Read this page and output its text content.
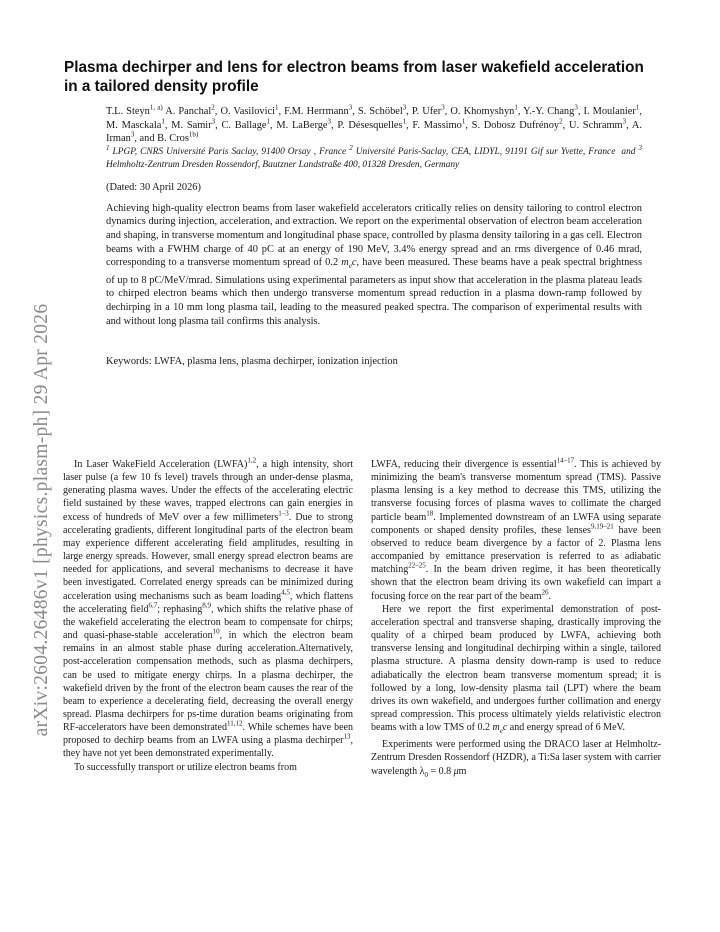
arXiv:2604.26486v1 [physics.plasm-ph] 29 Apr 2026
Plasma dechirper and lens for electron beams from laser wakefield acceleration in a tailored density profile
T.L. Steyn$^{1, a)}$ A. Panchal$^2$, O. Vasilovici$^1$, F.M. Herrmann$^3$, S. Schöbel$^3$, P. Ufer$^3$, O. Khomyshyn$^1$, Y.-Y. Chang$^3$, I. Moulanier$^1$, M. Masckala$^1$, M. Samir$^3$, C. Ballage$^1$, M. LaBerge$^3$, P. Désesquelles$^1$, F. Massimo$^1$, S. Dobosz Dufrénoy$^2$, U. Schramm$^3$, A. Irman$^3$, and B. Cros$^{1b)}$
$^1$ LPGP, CNRS Université Paris Saclay, 91400 Orsay , France $^2$ Université Paris-Saclay, CEA, LIDYL, 91191 Gif sur Yvette, France  and $^3$ Helmholtz-Zentrum Dresden Rossendorf, Bautzner Landstraße 400, 01328 Dresden, Germany
(Dated: 30 April 2026)
Achieving high-quality electron beams from laser wakefield accelerators critically relies on density tailoring to control electron dynamics during injection, acceleration, and extraction. We report on the experimental observation of electron beam acceleration and shaping, in transverse momentum and longitudinal phase space, controlled by plasma density tailoring in a gas cell. Electron beams with a FWHM charge of 40 pC at an energy of 190 MeV, 3.4% energy spread and an rms divergence of 0.46 mrad, corresponding to a transverse momentum spread of 0.2 $m_ec$, have been measured. These beams have a peak spectral brightness of up to 8 pC/MeV/mrad. Simulations using experimental parameters as input show that acceleration in the plasma plateau leads to chirped electron beams which then undergo transverse momentum spread reduction in a plasma down-ramp followed by dechirping in a 10 mm long plasma tail, leading to the measured peaked spectra. The comparison of experimental results with and without long plasma tail confirms this analysis.
Keywords: LWFA, plasma lens, plasma dechirper, ionization injection

In Laser WakeField Acceleration (LWFA)$^{1,2}$, a high intensity, short laser pulse (a few 10 fs level) travels through an under-dense plasma, generating plasma waves. Under the effects of the accelerating electric field sustained by these waves, trapped electrons can gain energies in excess of hundreds of MeV over a few millimeters$^{1-3}$. Due to strong accelerating gradients, different longitudinal parts of the electron beam may experience different accelerating field amplitudes, resulting in large energy spreads. However, small energy spread electron beams are needed for applications, and several mechanisms to decrease it have been investigated. Correlated energy spreads can be minimized during acceleration using mechanisms such as beam loading$^{4,5}$, which flattens the accelerating field$^{6,7}$; rephasing$^{8,9}$, which shifts the relative phase of the wakefield accelerating the electron beam to compensate for chirps; and quasi-phase-stable acceleration$^{10}$, in which the electron beam remains in an almost stable phase during acceleration.Alternatively, post-acceleration compensation methods, such as plasma dechirpers, can be used to mitigate energy chirps. In a plasma dechirper, the wakefield driven by the front of the electron beam causes the rear of the beam to experience a decelerating field, decreasing the overall energy spread. Plasma dechirpers for ps-time duration beams originating from RF-accelerators have been demonstrated$^{11,12}$. While schemes have been proposed to dechirp beams from an LWFA using a plasma dechirper$^{13}$, they have not yet been demonstrated experimentally.

To successfully transport or utilize electron beams from

LWFA, reducing their divergence is essential$^{14-17}$. This is achieved by minimizing the beam's transverse momentum spread (TMS). Passive plasma lensing is a key method to decrease this TMS, utilizing the transverse focusing forces of plasma waves to collimate the charged particle beam$^{18}$. Implemented downstream of an LWFA using separate components or shaped density profiles, these lenses$^{9,19-21}$ have been observed to reduce beam divergence by a factor of 2. Plasma lens accompanied by emittance preservation is referred to as adiabatic matching$^{22-25}$. In the beam driven regime, it has been theoretically shown that the electron beam driving its own wakefield can impart a focusing force on the rear part of the beam$^{26}$.

Here we report the first experimental demonstration of post-acceleration spectral and transverse shaping, drastically improving the quality of a chirped beam produced by LWFA, achieving both transverse lensing and longitudinal dechirping within a single, tailored plasma structure. A plasma density down-ramp is used to reduce adiabatically the electron beam transverse momentum spread; it is followed by a long, low-density plasma tail (LPT) where the beam drives its own wakefield, and undergoes further collimation and energy spread compression. This process ultimately yields relativistic electron beams with a low TMS of 0.2 $m_ec$ and energy spread of 6 MeV.

Experiments were performed using the DRACO laser at Helmholtz-Zentrum Dresden Rossendorf (HZDR), a Ti:Sa laser system with carrier wavelength $\lambda_0 = 0.8$ μm
